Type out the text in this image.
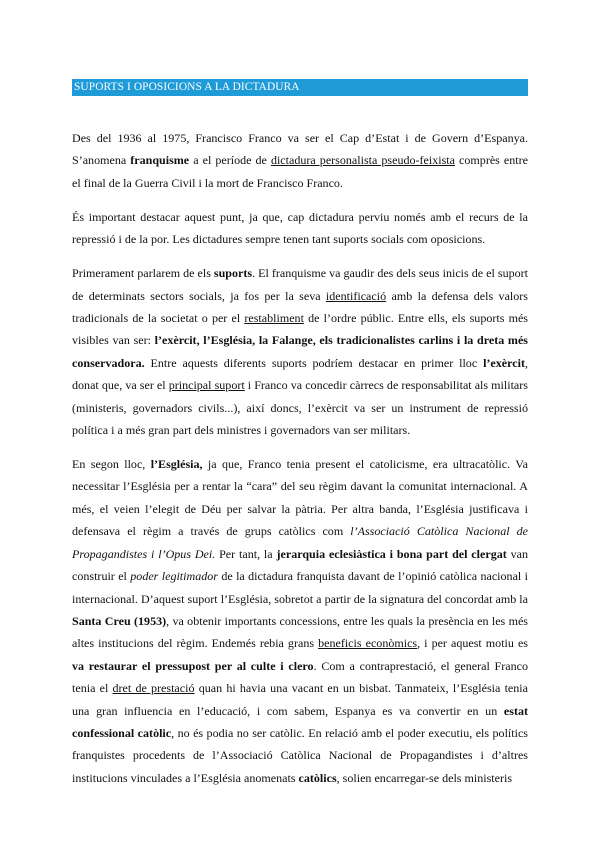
SUPORTS I OPOSICIONS A LA DICTADURA

Des del 1936 al 1975, Francisco Franco va ser el Cap d’Estat i de Govern d’Espanya. S’anomena franquisme a el període de dictadura personalista pseudo-feixista comprès entre el final de la Guerra Civil i la mort de Francisco Franco.

És important destacar aquest punt, ja que, cap dictadura perviu només amb el recurs de la repressió i de la por. Les dictadures sempre tenen tant suports socials com oposicions.

Primerament parlarem de els suports. El franquisme va gaudir des dels seus inicis de el suport de determinats sectors socials, ja fos per la seva identificació amb la defensa dels valors tradicionals de la societat o per el restabliment de l’ordre públic. Entre ells, els suports més visibles van ser: l’exèrcit, l’Església, la Falange, els tradicionalistes carlins i la dreta més conservadora. Entre aquests diferents suports podríem destacar en primer lloc l’exèrcit, donat que, va ser el principal suport i Franco va concedir càrrecs de responsabilitat als militars (ministeris, governadors civils...), així doncs, l’exèrcit va ser un instrument de repressió política i a més gran part dels ministres i governadors van ser militars.

En segon lloc, l’Església, ja que, Franco tenia present el catolicisme, era ultracatòlic. Va necessitar l’Església per a rentar la “cara” del seu règim davant la comunitat internacional. A més, el veien l’elegit de Déu per salvar la pàtria. Per altra banda, l’Església justificava i defensava el règim a través de grups catòlics com l’Associació Catòlica Nacional de Propagandistes i l’Opus Dei. Per tant, la jerarquia eclesiàstica i bona part del clergat van construir el poder legitimador de la dictadura franquista davant de l’opinió catòlica nacional i internacional. D’aquest suport l’Església, sobretot a partir de la signatura del concordat amb la Santa Creu (1953), va obtenir importants concessions, entre les quals la presència en les més altes institucions del règim. Endemés rebia grans beneficis econòmics, i per aquest motiu es va restaurar el pressupost per al culte i clero. Com a contraprestació, el general Franco tenia el dret de prestació quan hi havia una vacant en un bisbat. Tanmateix, l’Església tenia una gran influencia en l’educació, i com sabem, Espanya es va convertir en un estat confessional catòlic, no és podia no ser catòlic. En relació amb el poder executiu, els polítics franquistes procedents de l’Associació Catòlica Nacional de Propagandistes i d’altres institucions vinculades a l’Església anomenats catòlics, solien encarregar-se dels ministeris
